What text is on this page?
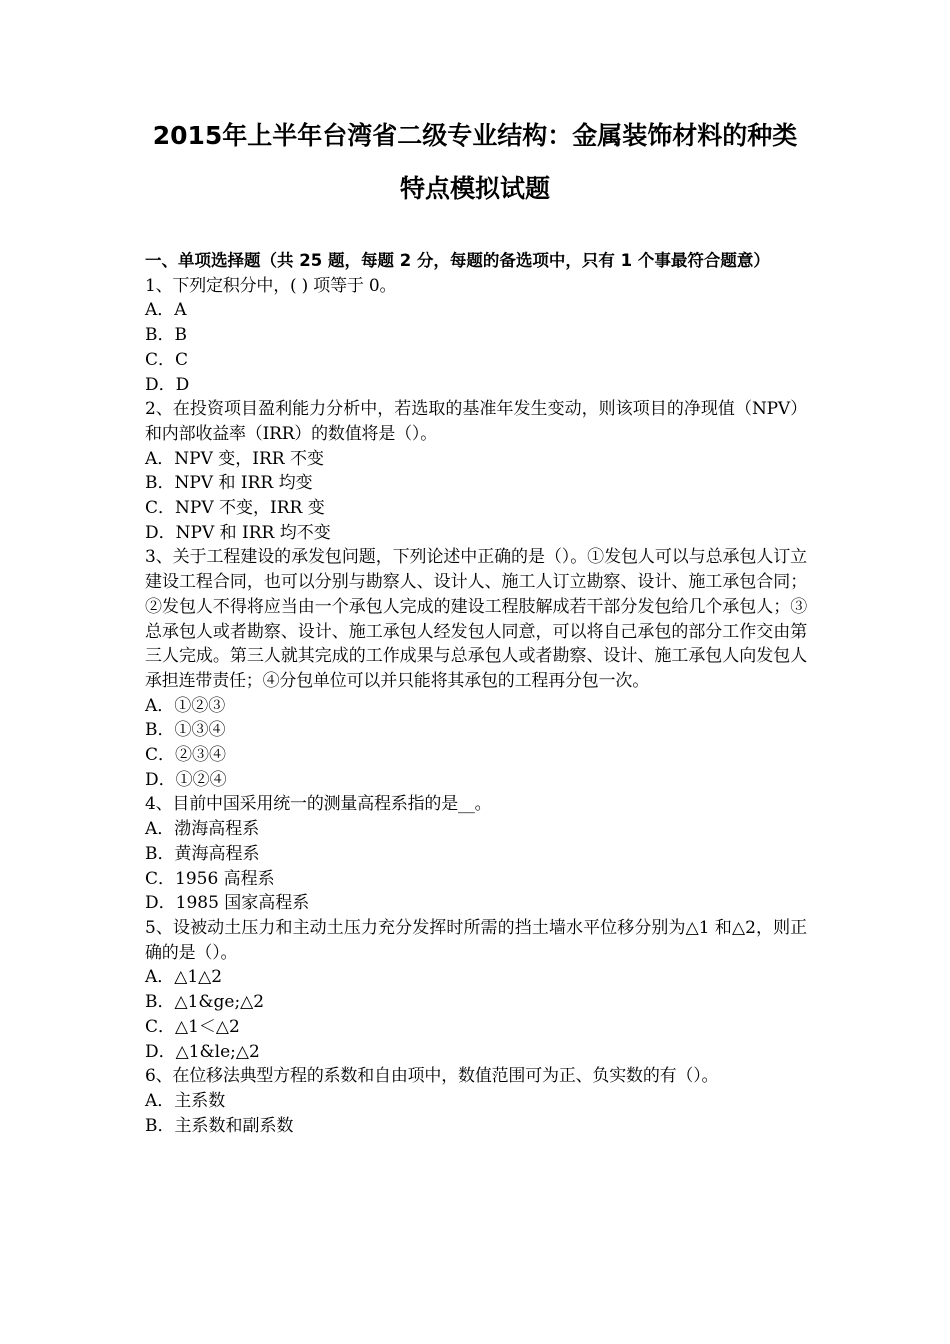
2015年上半年台湾省二级专业结构：金属装饰材料的种类
特点模拟试题

一、单项选择题（共 25 题，每题 2 分，每题的备选项中，只有 1 个事最符合题意）

1、下列定积分中，( ) 项等于 0。

A．A

B．B

C．C

D．D

2、在投资项目盈利能力分析中，若选取的基准年发生变动，则该项目的净现值（NPV）和内部收益率（IRR）的数值将是（）。

A．NPV 变，IRR 不变

B．NPV 和 IRR 均变

C．NPV 不变，IRR 变

D．NPV 和 IRR 均不变

3、关于工程建设的承发包问题，下列论述中正确的是（）。①发包人可以与总承包人订立建设工程合同，也可以分别与勘察人、设计人、施工人订立勘察、设计、施工承包合同；②发包人不得将应当由一个承包人完成的建设工程肢解成若干部分发包给几个承包人；③总承包人或者勘察、设计、施工承包人经发包人同意，可以将自己承包的部分工作交由第三人完成。第三人就其完成的工作成果与总承包人或者勘察、设计、施工承包人向发包人承担连带责任；④分包单位可以并只能将其承包的工程再分包一次。

A．①②③

B．①③④

C．②③④

D．①②④

4、目前中国采用统一的测量高程系指的是__。

A．渤海高程系

B．黄海高程系

C．1956 高程系

D．1985 国家高程系

5、设被动土压力和主动土压力充分发挥时所需的挡土墙水平位移分别为△1 和△2，则正确的是（）。

A．△1△2

B．△1&ge;△2

C．△1＜△2

D．△1&le;△2

6、在位移法典型方程的系数和自由项中，数值范围可为正、负实数的有（）。

A．主系数

B．主系数和副系数
